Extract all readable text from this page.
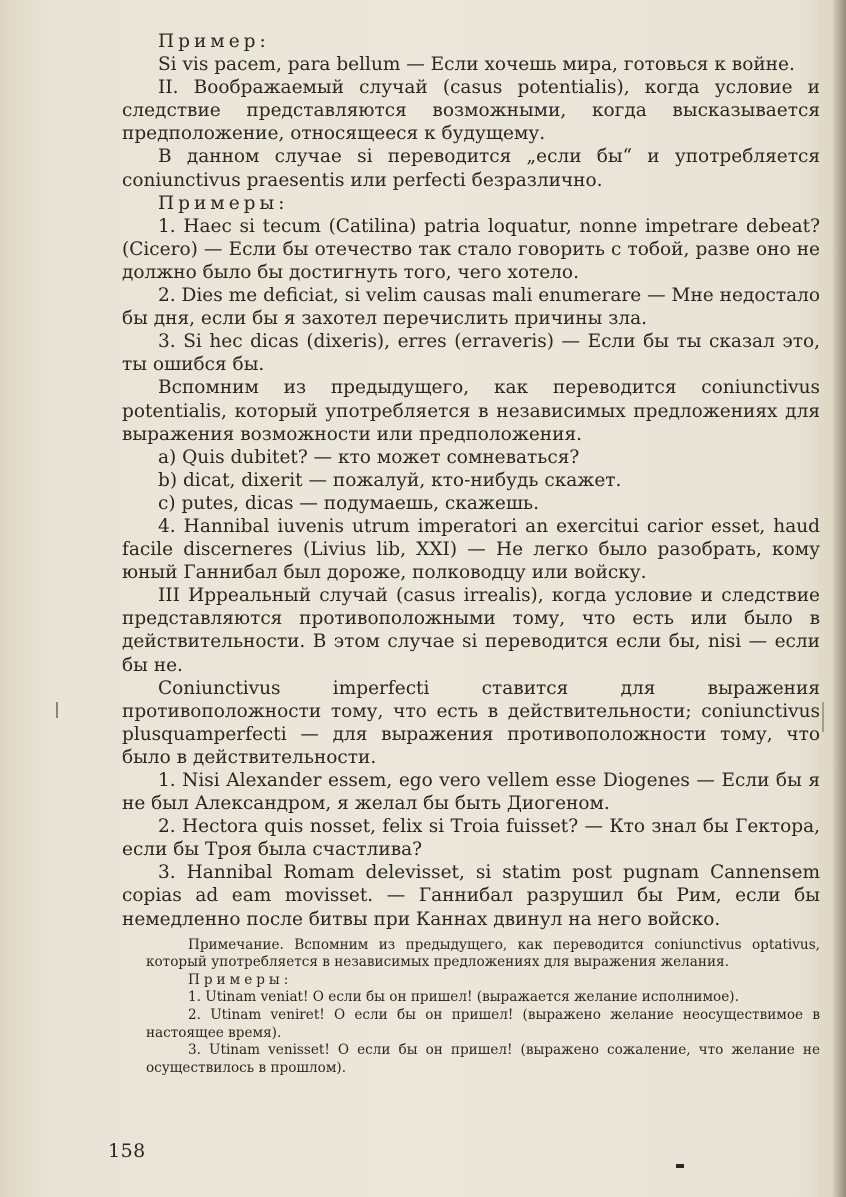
Пример:

Si vis pacem, para bellum — Если хочешь мира, готовься к войне.

II. Воображаемый случай (casus potentialis), когда условие и следствие представляются возможными, когда высказывается предположение, относящееся к будущему.

В данном случае si переводится „если бы“ и употребляется coniunctivus praesentis или perfecti безразлично.

Примеры:

1. Haec si tecum (Catilina) patria loquatur, nonne impetrare debeat? (Cicero) — Если бы отечество так стало говорить с тобой, разве оно не должно было бы достигнуть того, чего хотело.

2. Dies me deficiat, si velim causas mali enumerare — Мне недостало бы дня, если бы я захотел перечислить причины зла.

3. Si hec dicas (dixeris), erres (erraveris) — Если бы ты сказал это, ты ошибся бы.

Вспомним из предыдущего, как переводится coniunctivus potentialis, который употребляется в независимых предложениях для выражения возможности или предположения.

a) Quis dubitet? — кто может сомневаться?

b) dicat, dixerit — пожалуй, кто-нибудь скажет.

c) putes, dicas — подумаешь, скажешь.

4. Hannibal iuvenis utrum imperatori an exercitui carior esset, haud facile discerneres (Livius lib, XXI) — Не легко было разобрать, кому юный Ганнибал был дороже, полководцу или войску.

III Ирреальный случай (casus irrealis), когда условие и следствие представляются противоположными тому, что есть или было в действительности. В этом случае si переводится если бы, nisi — если бы не.

Coniunctivus imperfecti ставится для выражения противоположности тому, что есть в действительности; coniunctivus plusquamperfecti — для выражения противоположности тому, что было в действительности.

1. Nisi Alexander essem, ego vero vellem esse Diogenes — Если бы я не был Александром, я желал бы быть Диогеном.

2. Hectora quis nosset, felix si Troia fuisset? — Кто знал бы Гектора, если бы Троя была счастлива?

3. Hannibal Romam delevisset, si statim post pugnam Cannensem copias ad eam movisset. — Ганнибал разрушил бы Рим, если бы немедленно после битвы при Каннах двинул на него войско.

Примечание. Вспомним из предыдущего, как переводится coniunctivus optativus, который употребляется в независимых предложениях для выражения желания.

Примеры:

1. Utinam veniat! О если бы он пришел! (выражается желание исполнимое).

2. Utinam veniret! О если бы он пришел! (выражено желание неосуществимое в настоящее время).

3. Utinam venisset! О если бы он пришел! (выражено сожаление, что желание не осуществилось в прошлом).

158
